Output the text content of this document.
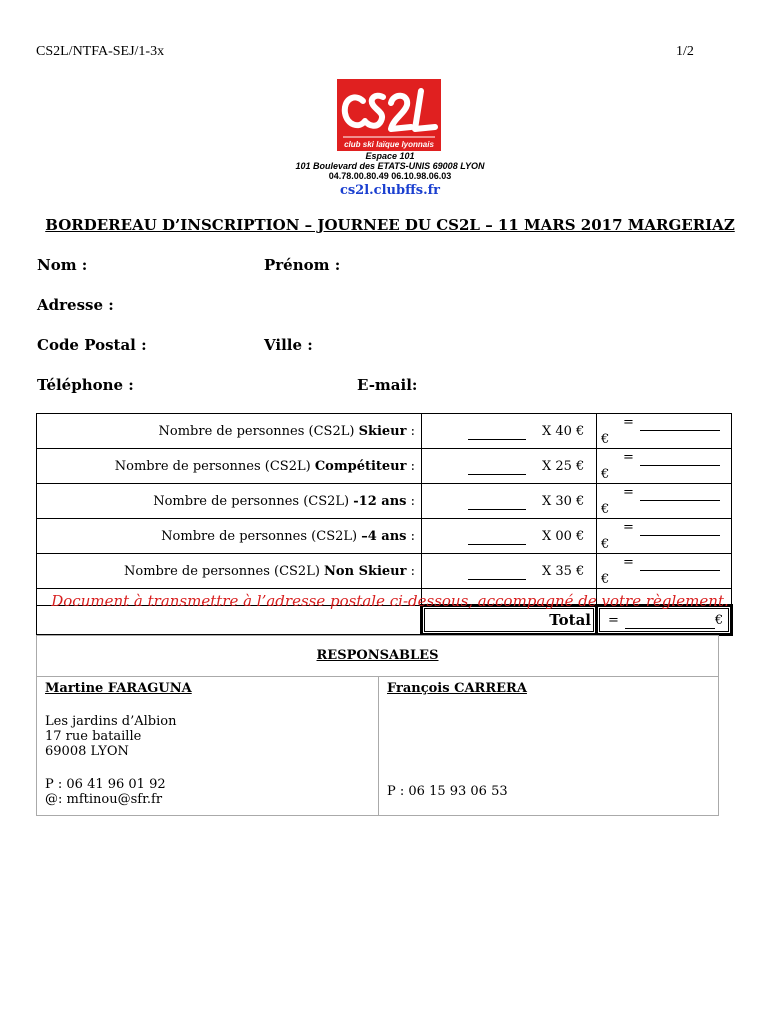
CS2L/NTFA-SEJ/1-3x	1/2
club ski laïque lyonnais
Espace 101
101 Boulevard des ETATS-UNIS 69008 LYON
04.78.00.80.49 06.10.98.06.03
cs2l.clubffs.fr
BORDEREAU D’INSCRIPTION – JOURNEE DU CS2L – 11 MARS 2017 MARGERIAZ
Nom :	Prénom :
Adresse :
Code Postal :	Ville :
Téléphone :	E-mail:
Nombre de personnes (CS2L) Skieur :	X 40 €	=€
Nombre de personnes (CS2L) Compétiteur :	X 25 €	=€
Nombre de personnes (CS2L) -12 ans :	X 30 €	=€
Nombre de personnes (CS2L) –4 ans :	X 00 €	=€
Nombre de personnes (CS2L) Non Skieur :	X 35 €	=€

	Total	= €
Document à transmettre à l’adresse postale ci-dessous, accompagné de votre règlement.
RESPONSABLES

Martine FARAGUNA
Les jardins d’Albion
17 rue bataille
69008 LYON
P : 06 41 96 01 92
@: mftinou@sfr.fr

François CARRERA
P : 06 15 93 06 53
